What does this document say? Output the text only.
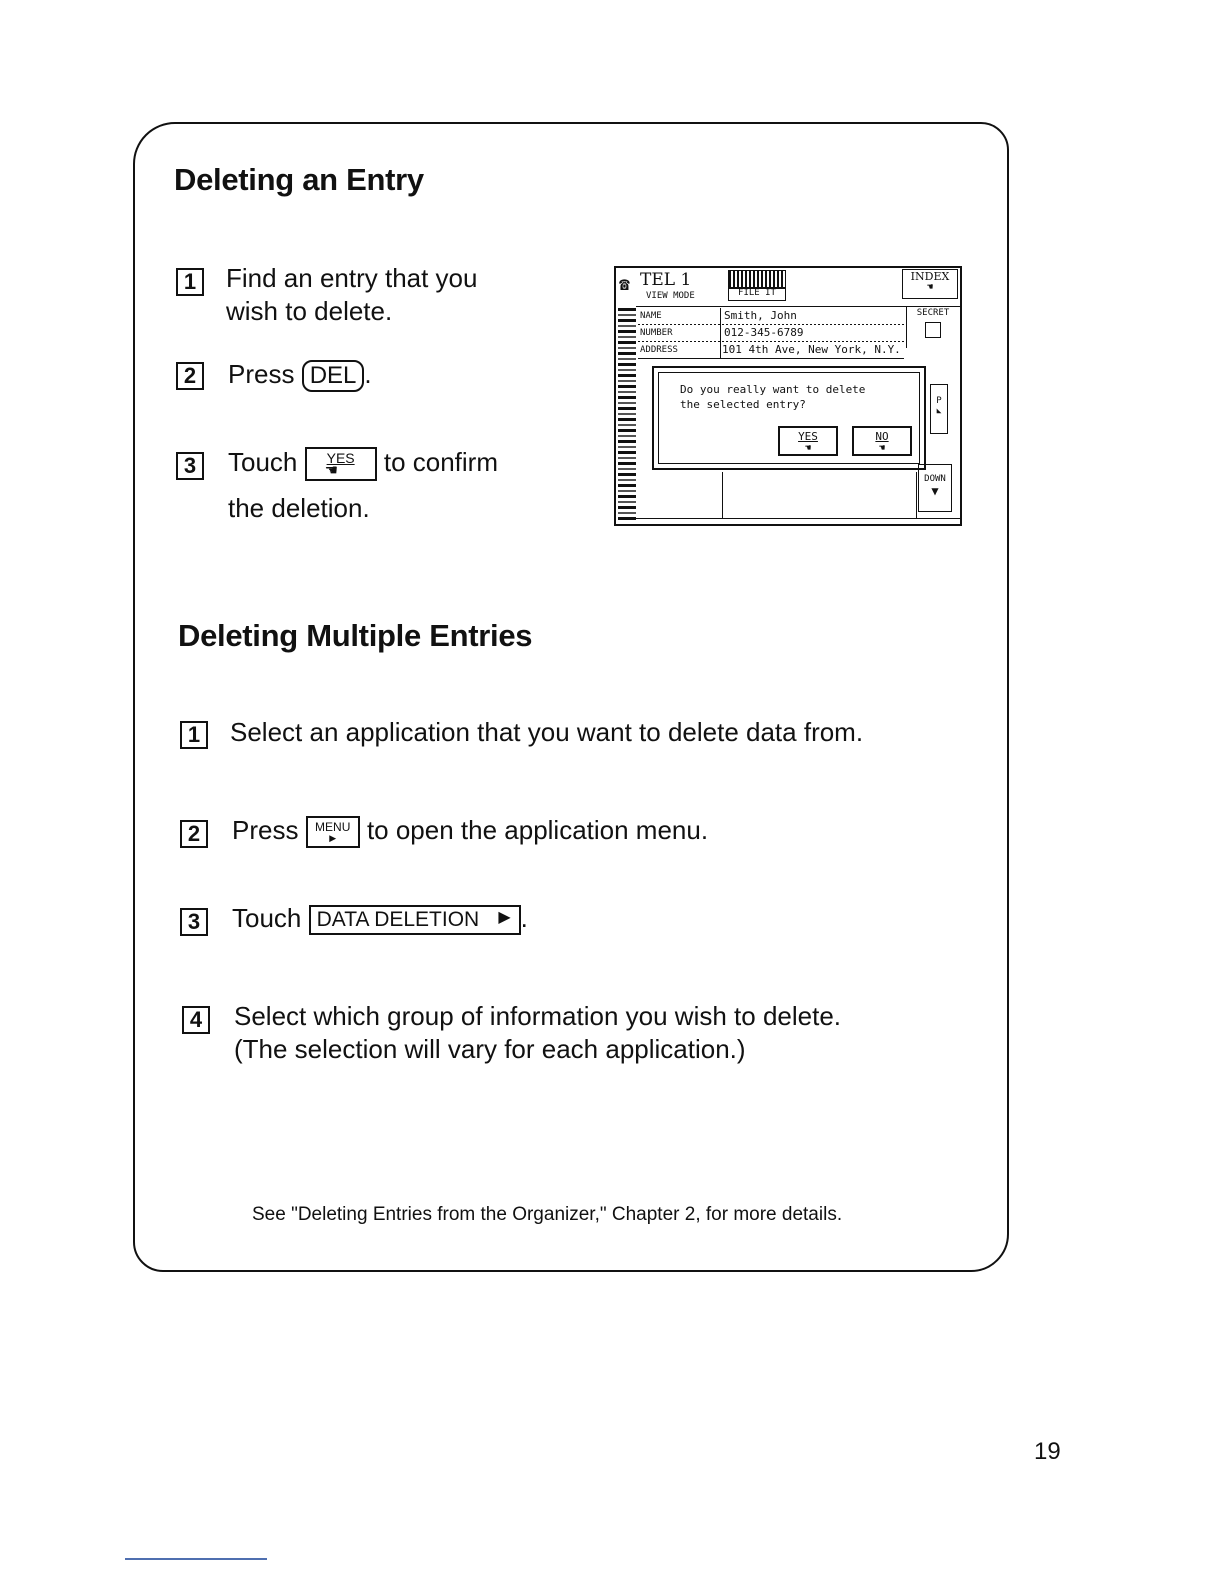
Deleting an Entry
1	Find an entry that you
wish to delete.
2	Press DEL .
3	Touch	YES
☚ to confirm
the deletion.
☎ TEL 1
VIEW MODE	FILE IT
INDEX
☚
NAME	Smith, John
NUMBER	012-345-6789
ADDRESS	101 4th Ave, New York, N.Y.
SECRET
Do you really want to delete
the selected entry?
YES
☚
NO
☚
P
◣
DOWN
▼
Deleting Multiple Entries
1	Select an application that you want to delete data from.
2	Press MENU
▶	to open the application menu.
3	Touch DATA DELETION ▶ .
4	Select which group of information you wish to delete.
(The selection will vary for each application.)
See "Deleting Entries from the Organizer," Chapter 2, for more details.
19
